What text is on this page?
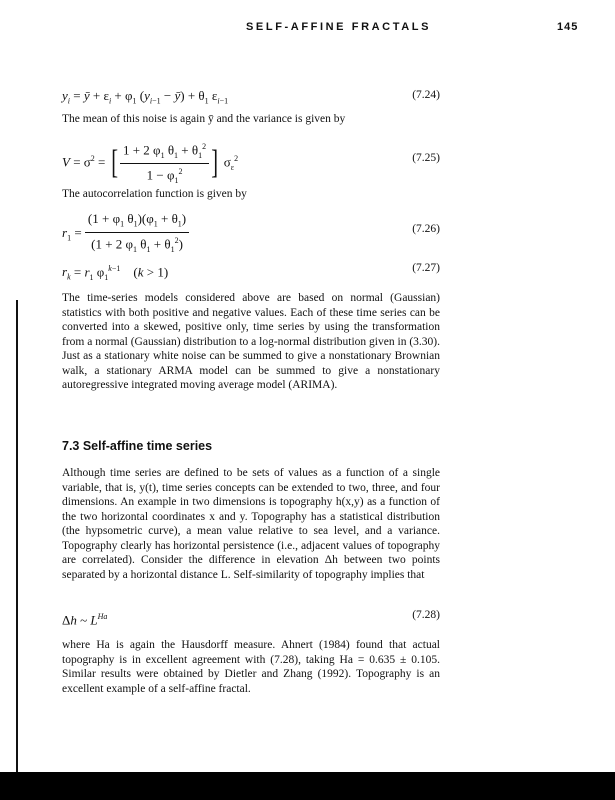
SELF-AFFINE FRACTALS	145
$y_i$ = ȳ + $\varepsilon_i + \varphi_1$ ($y_{i-1}$ − ȳ) + $\theta_1$ $\varepsilon_{i-1}$
(7.24)
The mean of this noise is again ȳ and the variance is given by
$V = \sigma^2$ = [ $\frac{1 + 2 \varphi_1 \theta_1 + \theta_1^2}{1 - \varphi_1^2}$ ] $\sigma_\varepsilon^2$	(7.25)
The autocorrelation function is given by
$r_1 = \frac{(1 + \varphi_1 \theta_1)(\varphi_1 + \theta_1)}{(1 + 2 \varphi_1 \theta_1 + \theta_1^2)}$	(7.26)
$r_k = r_1$ $\varphi_1^{k-1}$    (k > 1)	(7.27)
The time-series models considered above are based on normal (Gaussian) statistics with both positive and negative values. Each of these time series can be converted into a skewed, positive only, time series by using the transformation from a normal (Gaussian) distribution to a log-normal distribution given in (3.30). Just as a stationary white noise can be summed to give a nonstationary Brownian walk, a stationary ARMA model can be summed to give a nonstationary autoregressive integrated moving average model (ARIMA).
7.3 Self-affine time series
Although time series are defined to be sets of values as a function of a single variable, that is, y(t), time series concepts can be extended to two, three, and four dimensions. An example in two dimensions is topography h(x,y) as a function of the two horizontal coordinates x and y. Topography has a statistical distribution (the hypsometric curve), a mean value relative to sea level, and a variance. Topography clearly has horizontal persistence (i.e., adjacent values of topography are correlated). Consider the difference in elevation Δh between two points separated by a horizontal distance L. Self-similarity of topography implies that
Δh ~ $L^{Ha}$	(7.28)
where Ha is again the Hausdorff measure. Ahnert (1984) found that actual topography is in excellent agreement with (7.28), taking Ha = 0.635 ± 0.105. Similar results were obtained by Dietler and Zhang (1992). Topography is an excellent example of a self-affine fractal.
